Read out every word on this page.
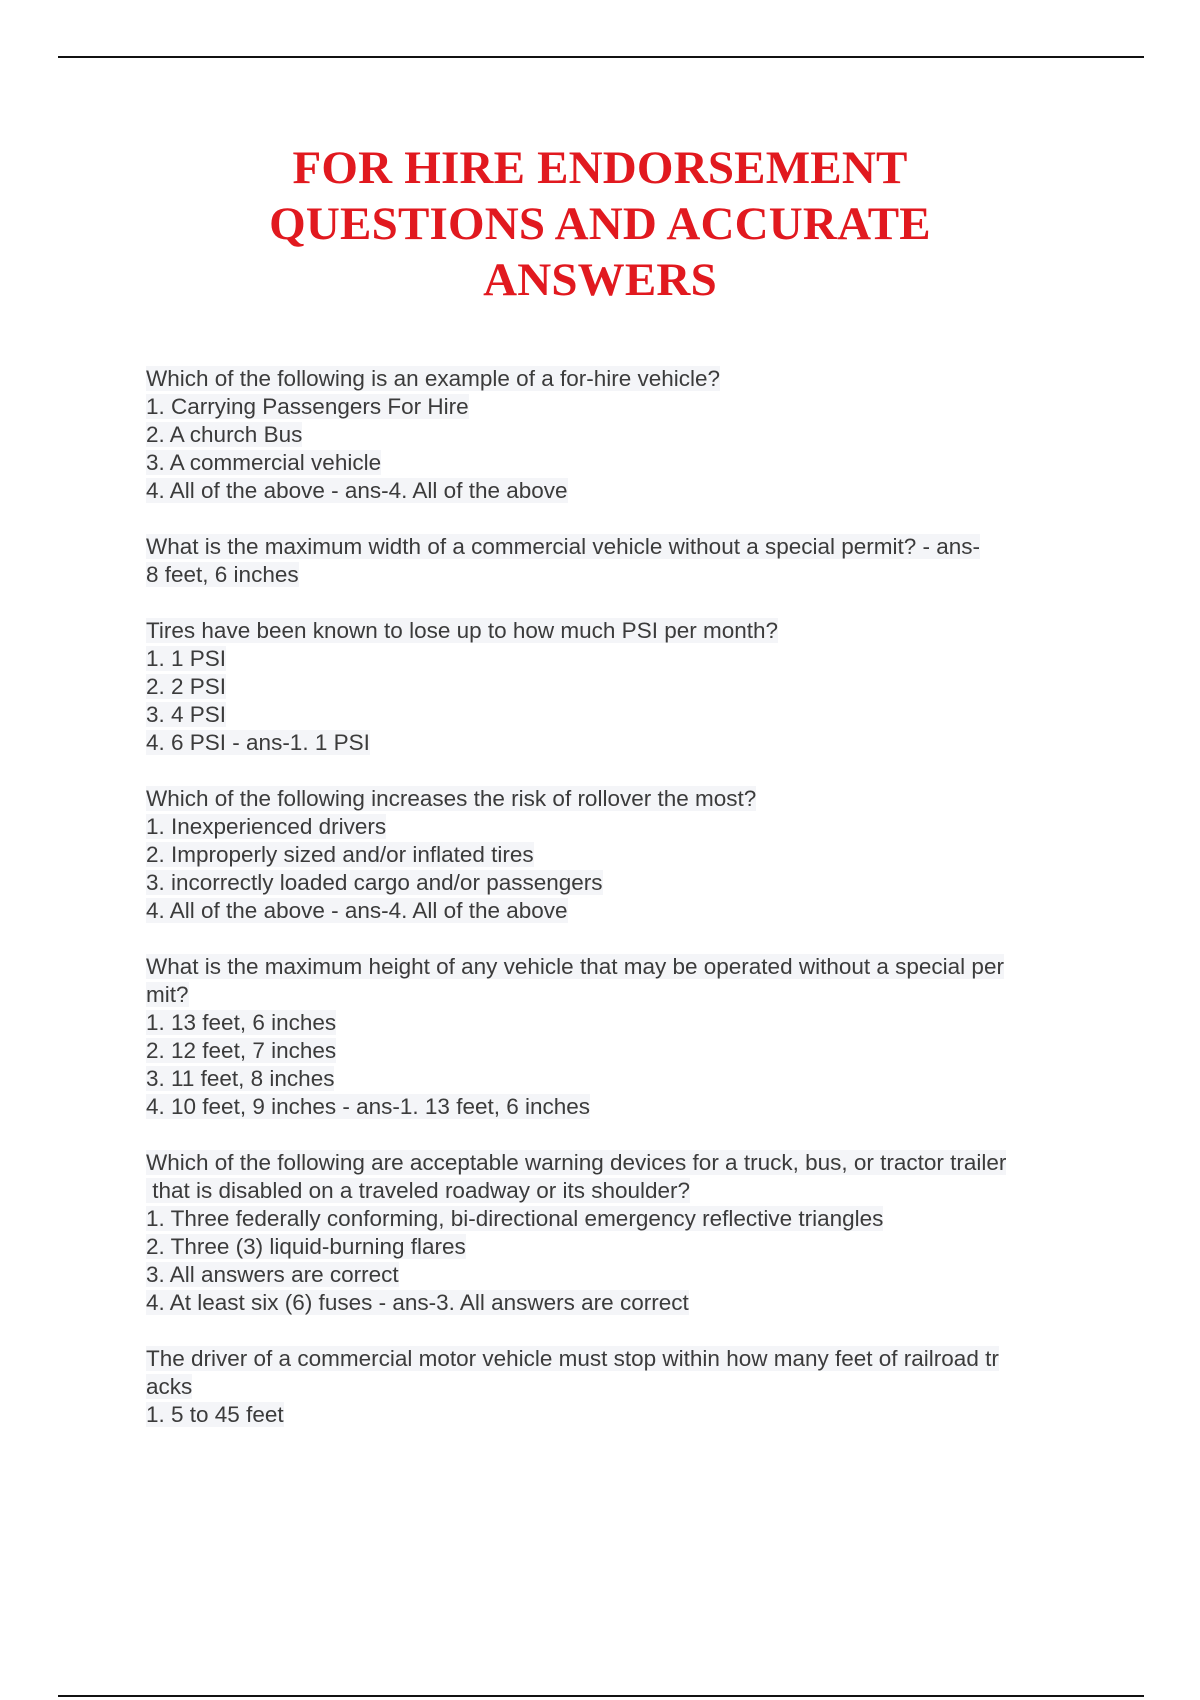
FOR HIRE ENDORSEMENT
QUESTIONS AND ACCURATE
ANSWERS
Which of the following is an example of a for-hire vehicle?
1. Carrying Passengers For Hire
2. A church Bus
3. A commercial vehicle
4. All of the above - ans-4. All of the above
What is the maximum width of a commercial vehicle without a special permit? - ans-
8 feet, 6 inches
Tires have been known to lose up to how much PSI per month?
1. 1 PSI
2. 2 PSI
3. 4 PSI
4. 6 PSI - ans-1. 1 PSI
Which of the following increases the risk of rollover the most?
1. Inexperienced drivers
2. Improperly sized and/or inflated tires
3. incorrectly loaded cargo and/or passengers
4. All of the above - ans-4. All of the above
What is the maximum height of any vehicle that may be operated without a special per
mit?
1. 13 feet, 6 inches
2. 12 feet, 7 inches
3. 11 feet, 8 inches
4. 10 feet, 9 inches - ans-1. 13 feet, 6 inches
Which of the following are acceptable warning devices for a truck, bus, or tractor trailer
that is disabled on a traveled roadway or its shoulder?
1. Three federally conforming, bi-directional emergency reflective triangles
2. Three (3) liquid-burning flares
3. All answers are correct
4. At least six (6) fuses - ans-3. All answers are correct
The driver of a commercial motor vehicle must stop within how many feet of railroad tr
acks
1. 5 to 45 feet
